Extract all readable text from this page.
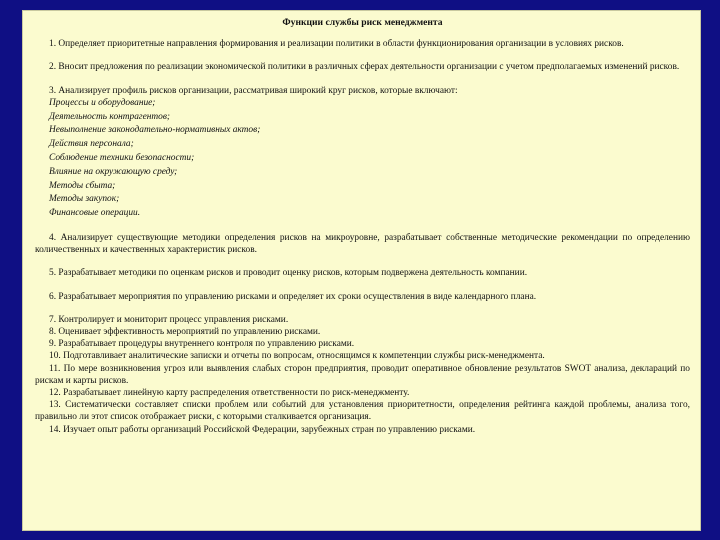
Функции службы риск менеджмента

1. Определяет приоритетные направления формирования и реализации политики в области функционирования организации в условиях рисков.

2. Вносит предложения по реализации экономической политики в различных сферах деятельности организации с учетом предполагаемых изменений рисков.

3. Анализирует профиль рисков организации, рассматривая широкий круг рисков, которые включают:

Процессы и оборудование;
Деятельность контрагентов;
Невыполнение законодательно-нормативных актов;
Действия персонала;
Соблюдение техники безопасности;
Влияние на окружающую среду;
Методы сбыта;
Методы закупок;
Финансовые операции.

4. Анализирует существующие методики определения рисков на микроуровне, разрабатывает собственные методические рекомендации по определению количественных и качественных характеристик рисков.

5. Разрабатывает методики по оценкам рисков и проводит оценку рисков, которым подвержена деятельность компании.

6. Разрабатывает мероприятия по управлению рисками и определяет их сроки осуществления в виде календарного плана.

7. Контролирует и мониторит процесс управления рисками.

8. Оценивает эффективность мероприятий по управлению рисками.

9. Разрабатывает процедуры внутреннего контроля по управлению рисками.

10. Подготавливает аналитические записки и отчеты по вопросам, относящимся к компетенции службы риск-менеджмента.

11. По мере возникновения угроз или выявления слабых сторон предприятия, проводит оперативное обновление результатов SWOT анализа, деклараций по рискам и карты рисков.

12. Разрабатывает линейную карту распределения ответственности по риск-менеджменту.

13. Систематически составляет списки проблем или событий для установления приоритетности, определения рейтинга каждой проблемы, анализа того, правильно ли этот список отображает риски, с которыми сталкивается организация.

14. Изучает опыт работы организаций Российской Федерации, зарубежных стран по управлению рисками.
